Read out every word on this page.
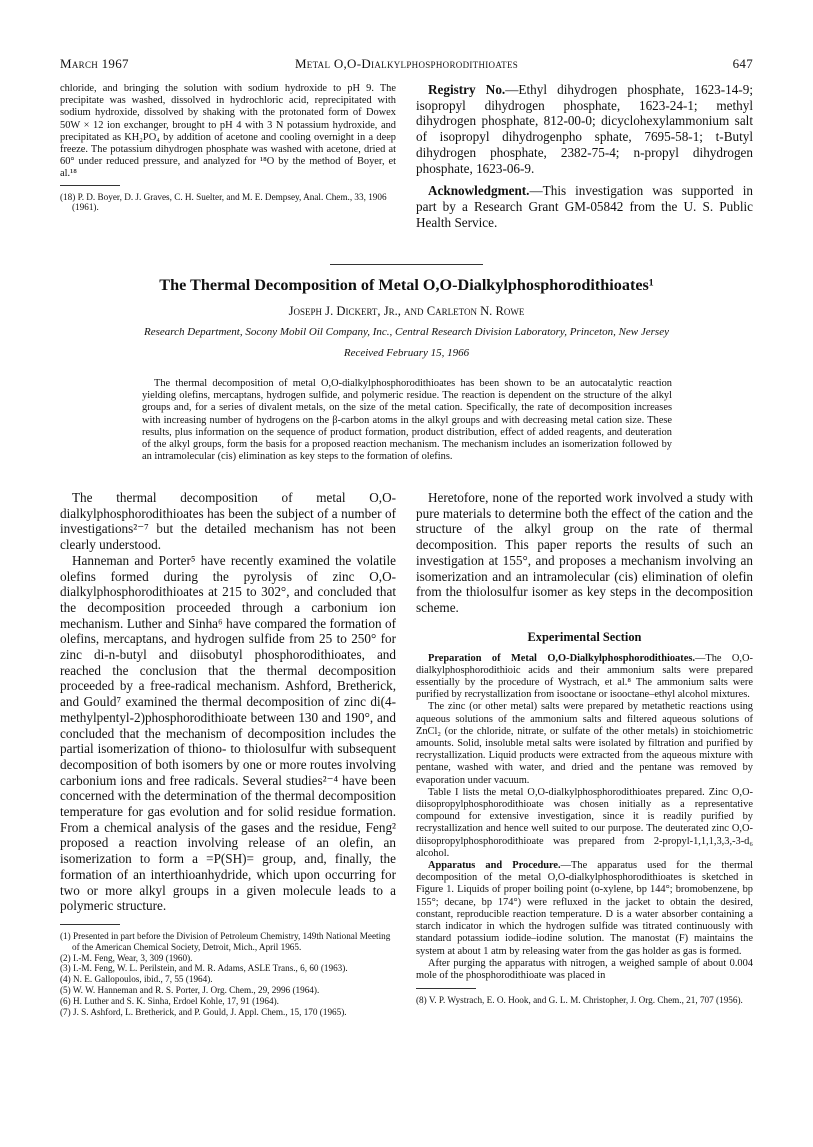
March 1967	Metal O,O-Dialkylphosphorodithioates	647

chloride, and bringing the solution with sodium hydroxide to pH 9. The precipitate was washed, dissolved in hydrochloric acid, reprecipitated with sodium hydroxide, dissolved by shaking with the protonated form of Dowex 50W × 12 ion exchanger, brought to pH 4 with 3 N potassium hydroxide, and precipitated as KH₂PO₄ by addition of acetone and cooling overnight in a deep freeze. The potassium dihydrogen phosphate was washed with acetone, dried at 60° under reduced pressure, and analyzed for ¹⁸O by the method of Boyer, et al.¹⁸

(18) P. D. Boyer, D. J. Graves, C. H. Suelter, and M. E. Dempsey, Anal. Chem., 33, 1906 (1961).

Registry No.—Ethyl dihydrogen phosphate, 1623-14-9; isopropyl dihydrogen phosphate, 1623-24-1; methyl dihydrogen phosphate, 812-00-0; dicyclohexylammonium salt of isopropyl dihydrogenpho sphate, 7695-58-1; t-Butyl dihydrogen phosphate, 2382-75-4; n-propyl dihydrogen phosphate, 1623-06-9.

Acknowledgment.—This investigation was supported in part by a Research Grant GM-05842 from the U. S. Public Health Service.

The Thermal Decomposition of Metal O,O-Dialkylphosphorodithioates¹
Joseph J. Dickert, Jr., and Carleton N. Rowe
Research Department, Socony Mobil Oil Company, Inc., Central Research Division Laboratory, Princeton, New Jersey
Received February 15, 1966
The thermal decomposition of metal O,O-dialkylphosphorodithioates has been shown to be an autocatalytic reaction yielding olefins, mercaptans, hydrogen sulfide, and polymeric residue. The reaction is dependent on the structure of the alkyl groups and, for a series of divalent metals, on the size of the metal cation. Specifically, the rate of decomposition increases with increasing number of hydrogens on the β-carbon atoms in the alkyl groups and with decreasing metal cation size. These results, plus information on the sequence of product formation, product distribution, effect of added reagents, and deuteration of the alkyl groups, form the basis for a proposed reaction mechanism. The mechanism includes an isomerization followed by an intramolecular (cis) elimination as key steps to the formation of olefins.

The thermal decomposition of metal O,O-dialkylphosphorodithioates has been the subject of a number of investigations²⁻⁷ but the detailed mechanism has not been clearly understood.

Hanneman and Porter⁵ have recently examined the volatile olefins formed during the pyrolysis of zinc O,O-dialkylphosphorodithioates at 215 to 302°, and concluded that the decomposition proceeded through a carbonium ion mechanism. Luther and Sinha⁶ have compared the formation of olefins, mercaptans, and hydrogen sulfide from 25 to 250° for zinc di-n-butyl and diisobutyl phosphorodithioates, and reached the conclusion that the thermal decomposition proceeded by a free-radical mechanism. Ashford, Bretherick, and Gould⁷ examined the thermal decomposition of zinc di(4-methylpentyl-2)phosphorodithioate between 130 and 190°, and concluded that the mechanism of decomposition includes the partial isomerization of thiono- to thiolosulfur with subsequent decomposition of both isomers by one or more routes involving carbonium ions and free radicals. Several studies²⁻⁴ have been concerned with the determination of the thermal decomposition temperature for gas evolution and for solid residue formation. From a chemical analysis of the gases and the residue, Feng² proposed a reaction involving release of an olefin, an isomerization to form a =P(SH)= group, and, finally, the formation of an interthioanhydride, which upon occurring for two or more alkyl groups in a given molecule leads to a polymeric structure.

(1) Presented in part before the Division of Petroleum Chemistry, 149th National Meeting of the American Chemical Society, Detroit, Mich., April 1965.

(2) I.-M. Feng, Wear, 3, 309 (1960).

(3) I.-M. Feng, W. L. Perilstein, and M. R. Adams, ASLE Trans., 6, 60 (1963).

(4) N. E. Gallopoulos, ibid., 7, 55 (1964).

(5) W. W. Hanneman and R. S. Porter, J. Org. Chem., 29, 2996 (1964).

(6) H. Luther and S. K. Sinha, Erdoel Kohle, 17, 91 (1964).

(7) J. S. Ashford, L. Bretherick, and P. Gould, J. Appl. Chem., 15, 170 (1965).

Heretofore, none of the reported work involved a study with pure materials to determine both the effect of the cation and the structure of the alkyl group on the rate of thermal decomposition. This paper reports the results of such an investigation at 155°, and proposes a mechanism involving an isomerization and an intramolecular (cis) elimination of olefin from the thiolosulfur isomer as key steps in the decomposition scheme.

Experimental Section

Preparation of Metal O,O-Dialkylphosphorodithioates.—The O,O-dialkylphosphorodithioic acids and their ammonium salts were prepared essentially by the procedure of Wystrach, et al.⁸ The ammonium salts were purified by recrystallization from isooctane or isooctane–ethyl alcohol mixtures.

The zinc (or other metal) salts were prepared by metathetic reactions using aqueous solutions of the ammonium salts and filtered aqueous solutions of ZnCl₂ (or the chloride, nitrate, or sulfate of the other metals) in stoichiometric amounts. Solid, insoluble metal salts were isolated by filtration and purified by recrystallization. Liquid products were extracted from the aqueous mixture with pentane, washed with water, and dried and the pentane was removed by evaporation under vacuum.

Table I lists the metal O,O-dialkylphosphorodithioates prepared. Zinc O,O-diisopropylphosphorodithioate was chosen initially as a representative compound for extensive investigation, since it is readily purified by recrystallization and hence well suited to our purpose. The deuterated zinc O,O-diisopropylphosphorodithioate was prepared from 2-propyl-1,1,1,3,3,-3-d₆ alcohol.

Apparatus and Procedure.—The apparatus used for the thermal decomposition of the metal O,O-dialkylphosphorodithioates is sketched in Figure 1. Liquids of proper boiling point (o-xylene, bp 144°; bromobenzene, bp 155°; decane, bp 174°) were refluxed in the jacket to obtain the desired, constant, reproducible reaction temperature. D is a water absorber containing a starch indicator in which the hydrogen sulfide was titrated continuously with standard potassium iodide–iodine solution. The manostat (F) maintains the system at about 1 atm by releasing water from the gas holder as gas is formed.

After purging the apparatus with nitrogen, a weighed sample of about 0.004 mole of the phosphorodithioate was placed in

(8) V. P. Wystrach, E. O. Hook, and G. L. M. Christopher, J. Org. Chem., 21, 707 (1956).
